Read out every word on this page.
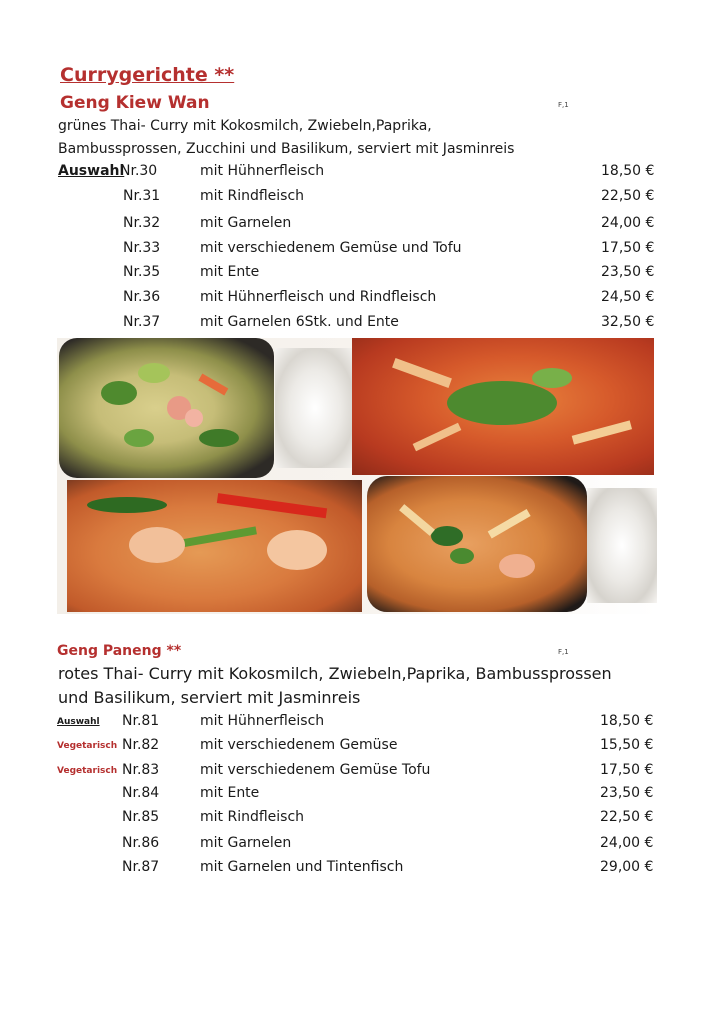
Currygerichte **
Geng Kiew Wan	F,1
grünes Thai- Curry mit Kokosmilch, Zwiebeln,Paprika,
Bambussprossen, Zucchini und Basilikum, serviert mit Jasminreis
Auswahl
Nr.30	mit Hühnerfleisch	18,50 €
Nr.31	mit Rindfleisch	22,50 €
Nr.32	mit Garnelen	24,00 €
Nr.33	mit verschiedenem Gemüse und Tofu	17,50 €
Nr.35	mit Ente	23,50 €
Nr.36	mit Hühnerfleisch und Rindfleisch	24,50 €
Nr.37	mit Garnelen 6Stk. und Ente	32,50 €
Geng Paneng **	F,1
rotes Thai- Curry mit Kokosmilch, Zwiebeln,Paprika, Bambussprossen
und Basilikum, serviert mit Jasminreis
Auswahl Nr.81	mit Hühnerfleisch	18,50 €
Vegetarisch Nr.82	mit verschiedenem Gemüse	15,50 €
Vegetarisch Nr.83	mit verschiedenem Gemüse Tofu	17,50 €
Nr.84	mit Ente	23,50 €
Nr.85	mit Rindfleisch	22,50 €
Nr.86	mit Garnelen	24,00 €
Nr.87	mit Garnelen und Tintenfisch	29,00 €
